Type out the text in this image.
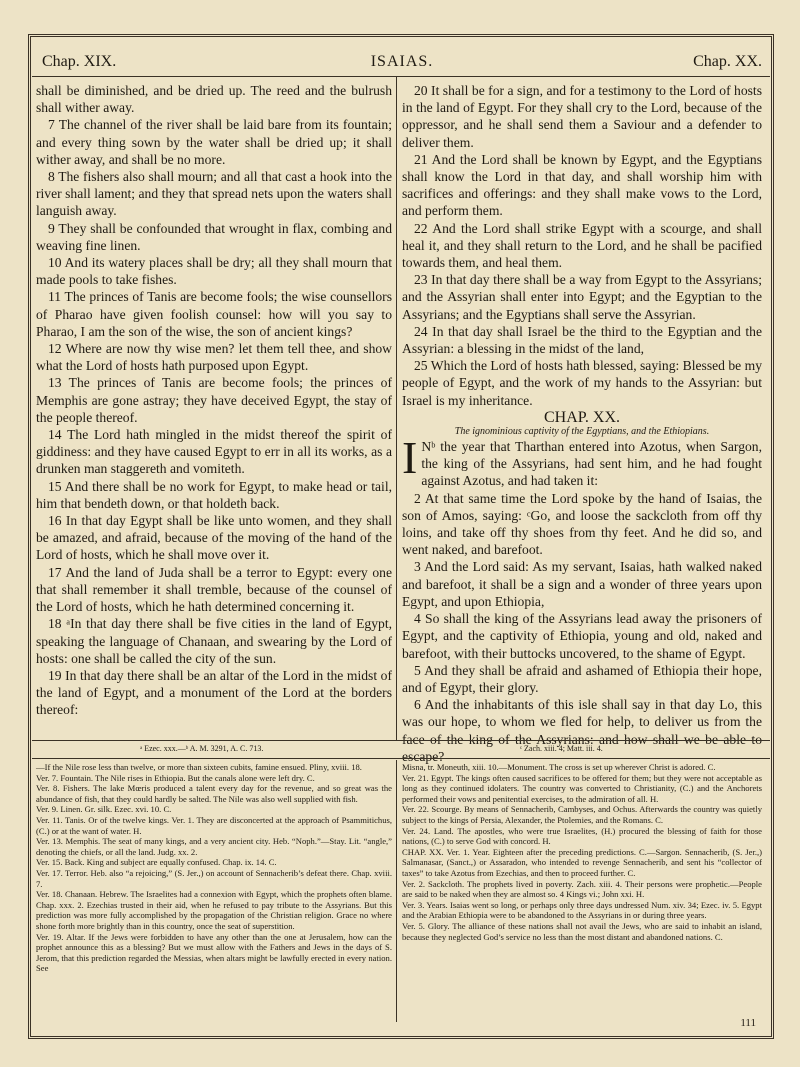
Chap. XIX.	ISAIAS.	Chap. XX.

shall be diminished, and be dried up. The reed and the bulrush shall wither away.

7 The channel of the river shall be laid bare from its fountain; and every thing sown by the water shall be dried up; it shall wither away, and shall be no more.

8 The fishers also shall mourn; and all that cast a hook into the river shall lament; and they that spread nets upon the waters shall languish away.

9 They shall be confounded that wrought in flax, combing and weaving fine linen.

10 And its watery places shall be dry; all they shall mourn that made pools to take fishes.

11 The princes of Tanis are become fools; the wise counsellors of Pharao have given foolish counsel: how will you say to Pharao, I am the son of the wise, the son of ancient kings?

12 Where are now thy wise men? let them tell thee, and show what the Lord of hosts hath purposed upon Egypt.

13 The princes of Tanis are become fools; the princes of Memphis are gone astray; they have deceived Egypt, the stay of the people thereof.

14 The Lord hath mingled in the midst thereof the spirit of giddiness: and they have caused Egypt to err in all its works, as a drunken man staggereth and vomiteth.

15 And there shall be no work for Egypt, to make head or tail, him that bendeth down, or that holdeth back.

16 In that day Egypt shall be like unto women, and they shall be amazed, and afraid, because of the moving of the hand of the Lord of hosts, which he shall move over it.

17 And the land of Juda shall be a terror to Egypt: every one that shall remember it shall tremble, because of the counsel of the Lord of hosts, which he hath determined concerning it.

18 ᵃIn that day there shall be five cities in the land of Egypt, speaking the language of Chanaan, and swearing by the Lord of hosts: one shall be called the city of the sun.

19 In that day there shall be an altar of the Lord in the midst of the land of Egypt, and a monument of the Lord at the borders thereof:

20 It shall be for a sign, and for a testimony to the Lord of hosts in the land of Egypt. For they shall cry to the Lord, because of the oppressor, and he shall send them a Saviour and a defender to deliver them.

21 And the Lord shall be known by Egypt, and the Egyptians shall know the Lord in that day, and shall worship him with sacrifices and offerings: and they shall make vows to the Lord, and perform them.

22 And the Lord shall strike Egypt with a scourge, and shall heal it, and they shall return to the Lord, and he shall be pacified towards them, and heal them.

23 In that day there shall be a way from Egypt to the Assyrians; and the Assyrian shall enter into Egypt; and the Egyptian to the Assyrians; and the Egyptians shall serve the Assyrian.

24 In that day shall Israel be the third to the Egyptian and the Assyrian: a blessing in the midst of the land,

25 Which the Lord of hosts hath blessed, saying: Blessed be my people of Egypt, and the work of my hands to the Assyrian: but Israel is my inheritance.

CHAP. XX.

The ignominious captivity of the Egyptians, and the Ethiopians.

INᵇ the year that Tharthan entered into Azotus, when Sargon, the king of the Assyrians, had sent him, and he had fought against Azotus, and had taken it:

2 At that same time the Lord spoke by the hand of Isaias, the son of Amos, saying: ᶜGo, and loose the sackcloth from off thy loins, and take off thy shoes from thy feet. And he did so, and went naked, and barefoot.

3 And the Lord said: As my servant, Isaias, hath walked naked and barefoot, it shall be a sign and a wonder of three years upon Egypt, and upon Ethiopia,

4 So shall the king of the Assyrians lead away the prisoners of Egypt, and the captivity of Ethiopia, young and old, naked and barefoot, with their buttocks uncovered, to the shame of Egypt.

5 And they shall be afraid and ashamed of Ethiopia their hope, and of Egypt, their glory.

6 And the inhabitants of this isle shall say in that day Lo, this was our hope, to whom we fled for help, to deliver us from the face of the king of the Assyrians: and how shall we be able to escape?

ᵃ Ezec. xxx.—ᵇ A. M. 3291, A. C. 713.	ᶜ Zach. xiii. 4; Matt. iii. 4.

—If the Nile rose less than twelve, or more than sixteen cubits, famine ensued. Pliny, xviii. 18.

Ver. 7. Fountain. The Nile rises in Ethiopia. But the canals alone were left dry. C.

Ver. 8. Fishers. The lake Mœris produced a talent every day for the revenue, and so great was the abundance of fish, that they could hardly be salted. The Nile was also well supplied with fish.

Ver. 9. Linen. Gr. silk. Ezec. xvi. 10. C.

Ver. 11. Tanis. Or of the twelve kings. Ver. 1. They are disconcerted at the approach of Psammitichus, (C.) or at the want of water. H.

Ver. 13. Memphis. The seat of many kings, and a very ancient city. Heb. “Noph.”—Stay. Lit. “angle,” denoting the chiefs, or all the land. Judg. xx. 2.

Ver. 15. Back. King and subject are equally confused. Chap. ix. 14. C.

Ver. 17. Terror. Heb. also “a rejoicing,” (S. Jer.,) on account of Sennacherib’s defeat there. Chap. xviii. 7.

Ver. 18. Chanaan. Hebrew. The Israelites had a connexion with Egypt, which the prophets often blame. Chap. xxx. 2. Ezechias trusted in their aid, when he refused to pay tribute to the Assyrians. But this prediction was more fully accomplished by the propagation of the Christian religion. Grace no where shone forth more brightly than in this country, once the seat of superstition.

Ver. 19. Altar. If the Jews were forbidden to have any other than the one at Jerusalem, how can the prophet announce this as a blessing? But we must allow with the Fathers and Jews in the days of S. Jerom, that this prediction regarded the Messias, when altars might be lawfully erected in every nation. See

Misna, tr. Moneuth, xiii. 10.—Monument. The cross is set up wherever Christ is adored. C.

Ver. 21. Egypt. The kings often caused sacrifices to be offered for them; but they were not acceptable as long as they continued idolaters. The country was converted to Christianity, (C.) and the Anchorets performed their vows and penitential exercises, to the admiration of all. H.

Ver. 22. Scourge. By means of Sennacherib, Cambyses, and Ochus. Afterwards the country was quietly subject to the kings of Persia, Alexander, the Ptolemies, and the Romans. C.

Ver. 24. Land. The apostles, who were true Israelites, (H.) procured the blessing of faith for those nations, (C.) to serve God with concord. H.

CHAP. XX. Ver. 1. Year. Eighteen after the preceding predictions. C.—Sargon. Sennacherib, (S. Jer.,) Salmanasar, (Sanct.,) or Assaradon, who intended to revenge Sennacherib, and sent his “collector of taxes” to take Azotus from Ezechias, and then to proceed further. C.

Ver. 2. Sackcloth. The prophets lived in poverty. Zach. xiii. 4. Their persons were prophetic.—People are said to be naked when they are almost so. 4 Kings vi.; John xxi. H.

Ver. 3. Years. Isaias went so long, or perhaps only three days undressed Num. xiv. 34; Ezec. iv. 5. Egypt and the Arabian Ethiopia were to be abandoned to the Assyrians in or during three years.

Ver. 5. Glory. The alliance of these nations shall not avail the Jews, who are said to inhabit an island, because they neglected God’s service no less than the most distant and abandoned nations. C.

111
